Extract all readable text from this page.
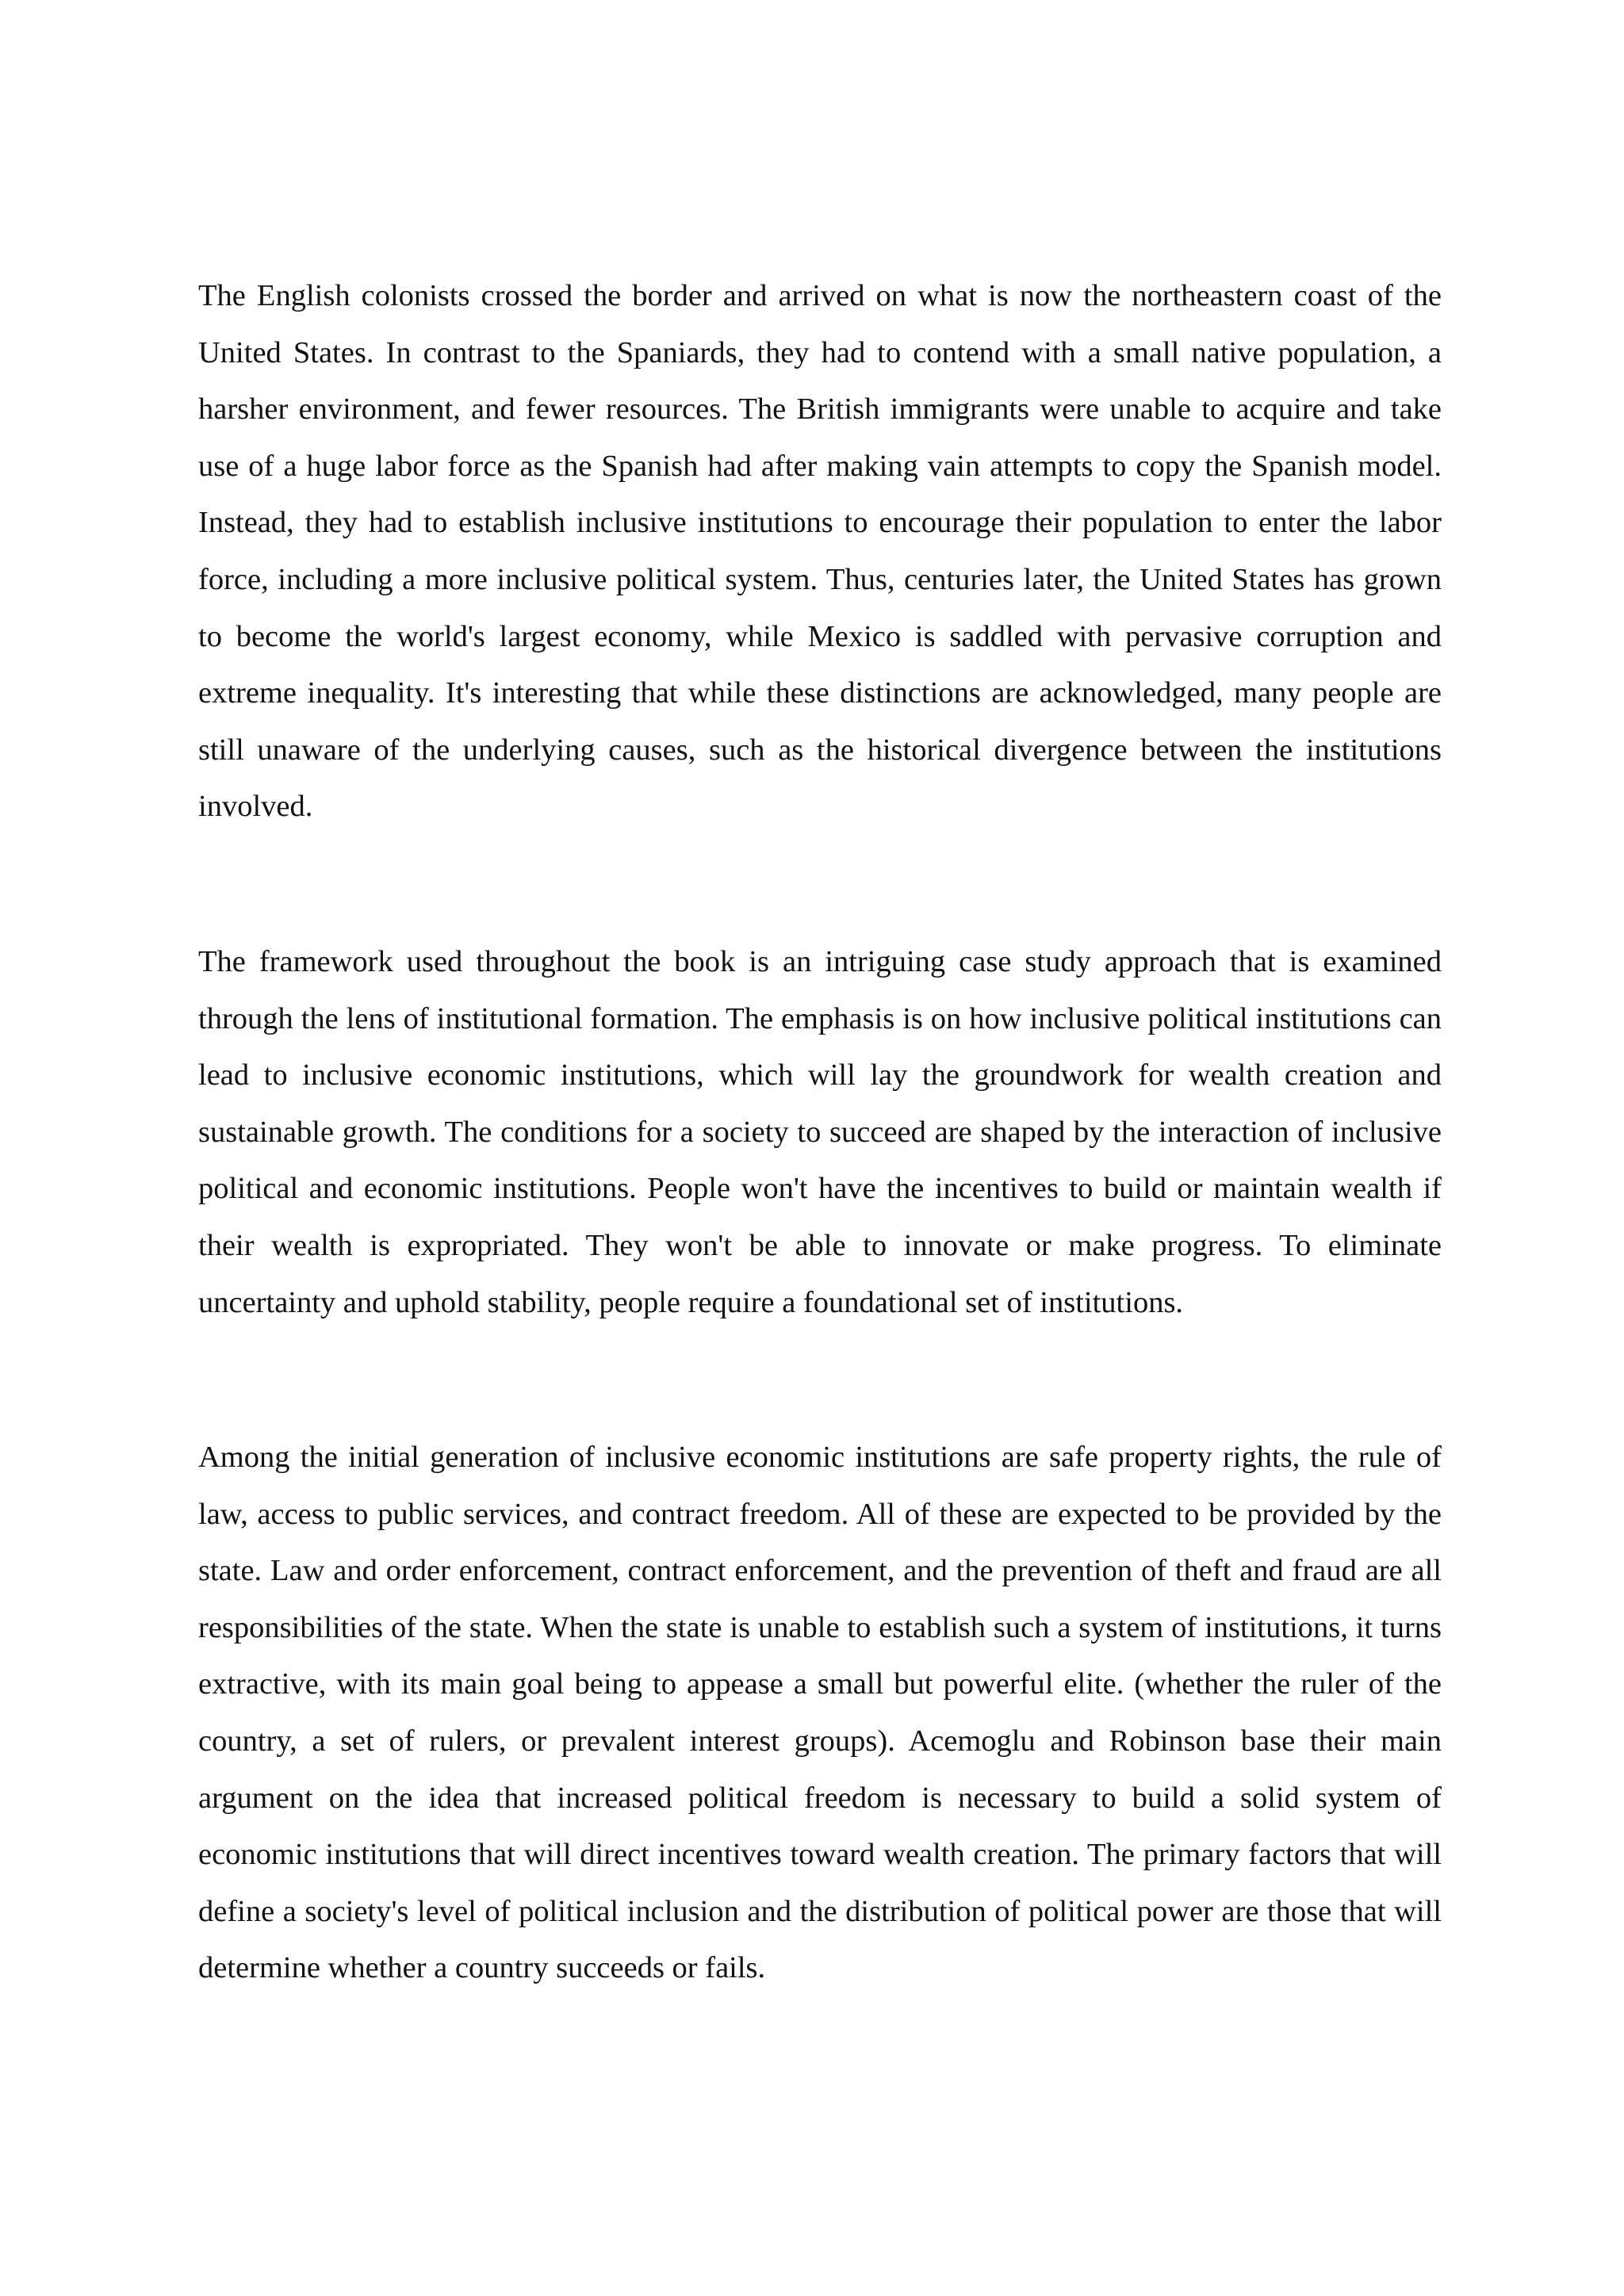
The English colonists crossed the border and arrived on what is now the northeastern coast of the United States. In contrast to the Spaniards, they had to contend with a small native population, a harsher environment, and fewer resources. The British immigrants were unable to acquire and take use of a huge labor force as the Spanish had after making vain attempts to copy the Spanish model. Instead, they had to establish inclusive institutions to encourage their population to enter the labor force, including a more inclusive political system. Thus, centuries later, the United States has grown to become the world's largest economy, while Mexico is saddled with pervasive corruption and extreme inequality. It's interesting that while these distinctions are acknowledged, many people are still unaware of the underlying causes, such as the historical divergence between the institutions involved.

The framework used throughout the book is an intriguing case study approach that is examined through the lens of institutional formation. The emphasis is on how inclusive political institutions can lead to inclusive economic institutions, which will lay the groundwork for wealth creation and sustainable growth. The conditions for a society to succeed are shaped by the interaction of inclusive political and economic institutions. People won't have the incentives to build or maintain wealth if their wealth is expropriated. They won't be able to innovate or make progress. To eliminate uncertainty and uphold stability, people require a foundational set of institutions.

Among the initial generation of inclusive economic institutions are safe property rights, the rule of law, access to public services, and contract freedom. All of these are expected to be provided by the state. Law and order enforcement, contract enforcement, and the prevention of theft and fraud are all responsibilities of the state. When the state is unable to establish such a system of institutions, it turns extractive, with its main goal being to appease a small but powerful elite. (whether the ruler of the country, a set of rulers, or prevalent interest groups). Acemoglu and Robinson base their main argument on the idea that increased political freedom is necessary to build a solid system of economic institutions that will direct incentives toward wealth creation. The primary factors that will define a society's level of political inclusion and the distribution of political power are those that will determine whether a country succeeds or fails.
